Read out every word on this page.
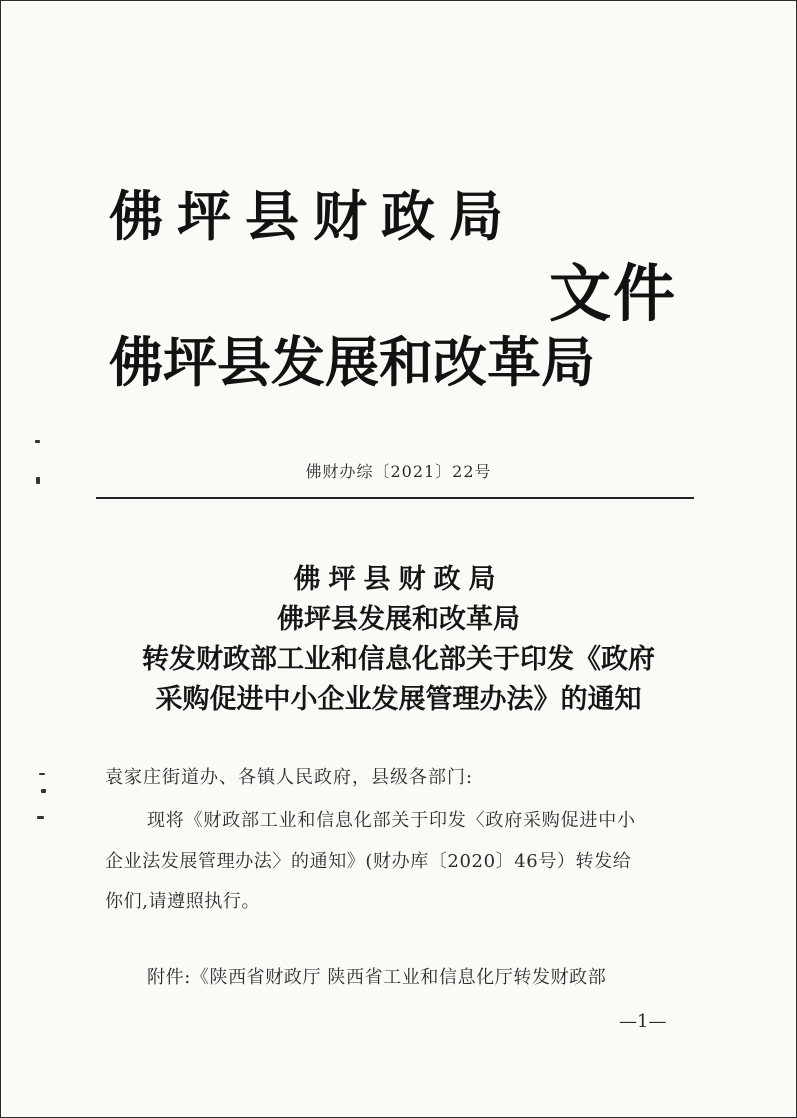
佛坪县财政局
文件
佛坪县发展和改革局
佛财办综〔2021〕22号
佛坪县财政局
佛坪县发展和改革局
转发财政部工业和信息化部关于印发《政府
采购促进中小企业发展管理办法》的通知
袁家庄街道办、各镇人民政府，县级各部门:
现将《财政部工业和信息化部关于印发〈政府采购促进中小
企业法发展管理办法〉的通知》(财办库〔2020〕46号）转发给
你们,请遵照执行。
附件:《陕西省财政厅 陕西省工业和信息化厅转发财政部
—1—
